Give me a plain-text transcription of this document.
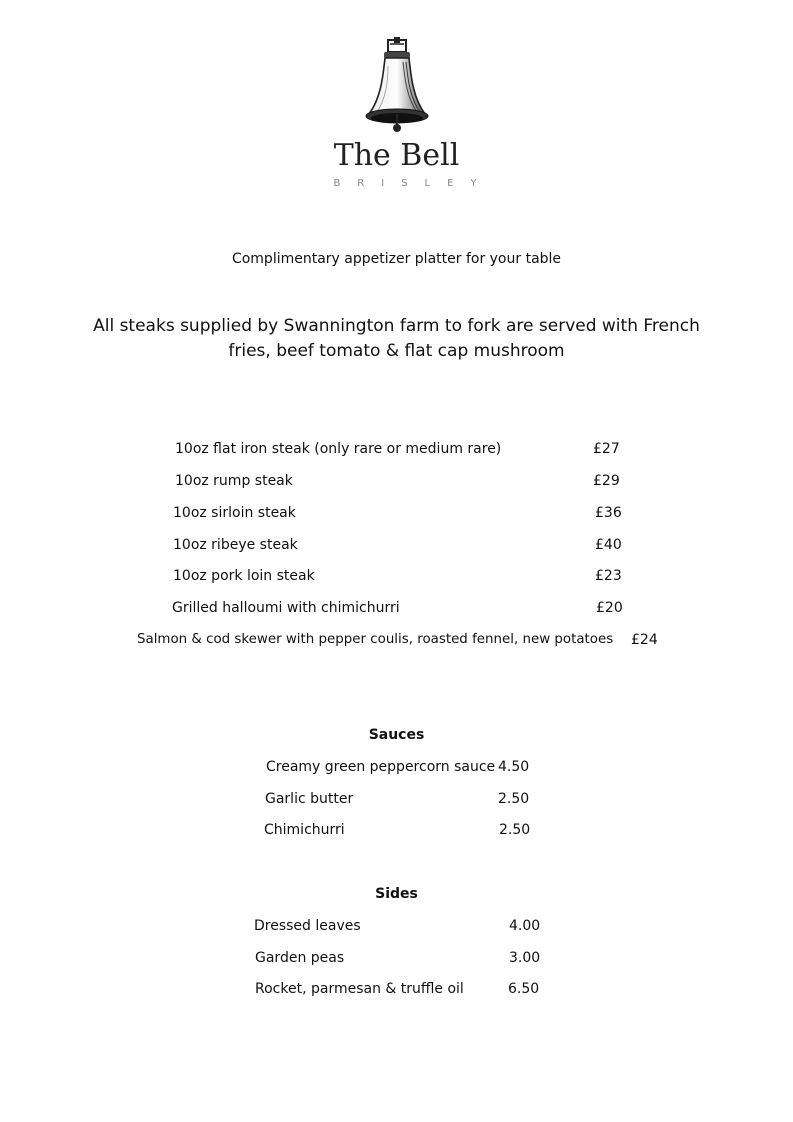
The Bell
BRISLEY
Complimentary appetizer platter for your table
All steaks supplied by Swannington farm to fork are served with French
fries, beef tomato & flat cap mushroom
10oz flat iron steak (only rare or medium rare)	£27
10oz rump steak	£29
10oz sirloin steak	£36
10oz ribeye steak	£40
10oz pork loin steak	£23
Grilled halloumi with chimichurri	£20
Salmon & cod skewer with pepper coulis, roasted fennel, new potatoes £24
Sauces
Creamy green peppercorn sauce 4.50
Garlic butter	2.50
Chimichurri	2.50
Sides
Dressed leaves	4.00
Garden peas	3.00
Rocket, parmesan & truffle oil	6.50
